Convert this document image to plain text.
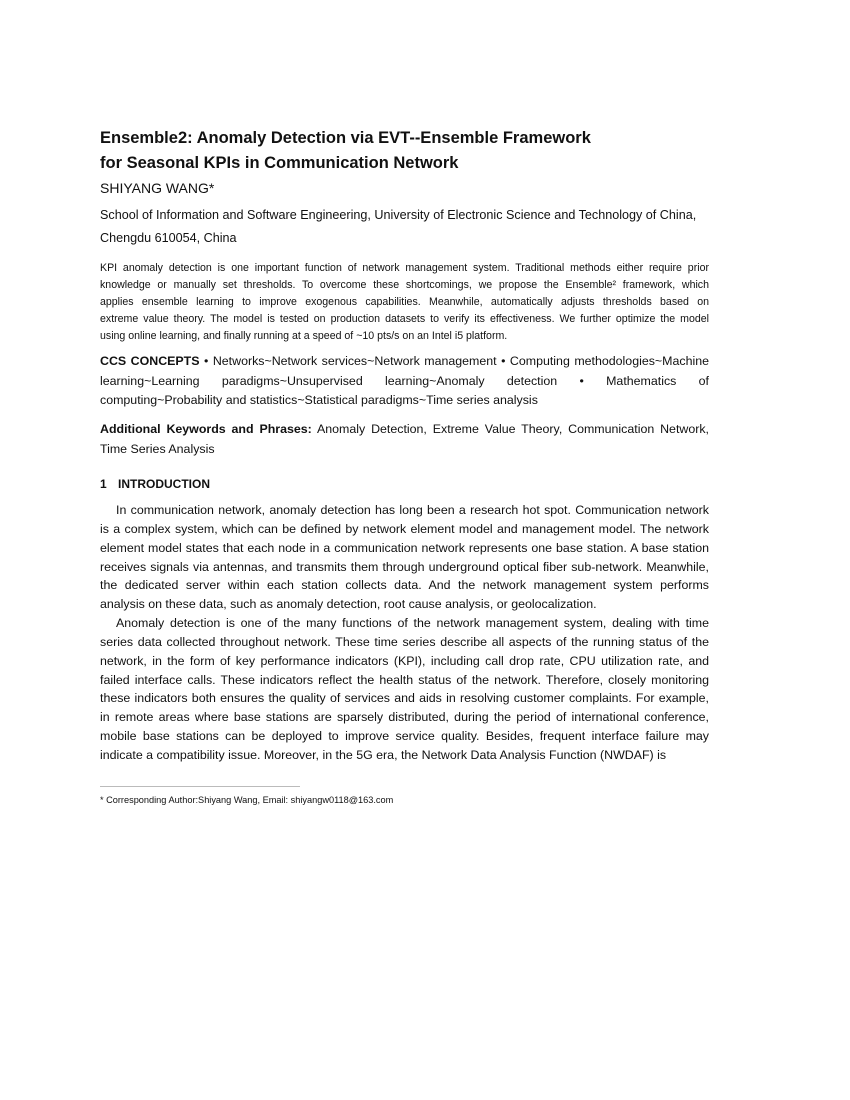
Ensemble2: Anomaly Detection via EVT--Ensemble Framework
for Seasonal KPIs in Communication Network
SHIYANG WANG*
School of Information and Software Engineering, University of Electronic Science and Technology of China,
Chengdu 610054, China
KPI anomaly detection is one important function of network management system. Traditional methods either require prior
knowledge or manually set thresholds. To overcome these shortcomings, we propose the Ensemble² framework, which
applies ensemble learning to improve exogenous capabilities. Meanwhile, automatically adjusts thresholds based on
extreme value theory. The model is tested on production datasets to verify its effectiveness. We further optimize the model
using online learning, and finally running at a speed of ~10 pts/s on an Intel i5 platform.
CCS CONCEPTS • Networks~Network services~Network management • Computing methodologies~Machine
learning~Learning paradigms~Unsupervised learning~Anomaly detection • Mathematics of
computing~Probability and statistics~Statistical paradigms~Time series analysis
Additional Keywords and Phrases: Anomaly Detection, Extreme Value Theory, Communication Network,
Time Series Analysis
1 INTRODUCTION
In communication network, anomaly detection has long been a research hot spot. Communication network
is a complex system, which can be defined by network element model and management model. The network
element model states that each node in a communication network represents one base station. A base station
receives signals via antennas, and transmits them through underground optical fiber sub-network. Meanwhile,
the dedicated server within each station collects data. And the network management system performs
analysis on these data, such as anomaly detection, root cause analysis, or geolocalization.
Anomaly detection is one of the many functions of the network management system, dealing with time
series data collected throughout network. These time series describe all aspects of the running status of the
network, in the form of key performance indicators (KPI), including call drop rate, CPU utilization rate, and
failed interface calls. These indicators reflect the health status of the network. Therefore, closely monitoring
these indicators both ensures the quality of services and aids in resolving customer complaints. For example,
in remote areas where base stations are sparsely distributed, during the period of international conference,
mobile base stations can be deployed to improve service quality. Besides, frequent interface failure may
indicate a compatibility issue. Moreover, in the 5G era, the Network Data Analysis Function (NWDAF) is
* Corresponding Author:Shiyang Wang, Email: shiyangw0118@163.com
